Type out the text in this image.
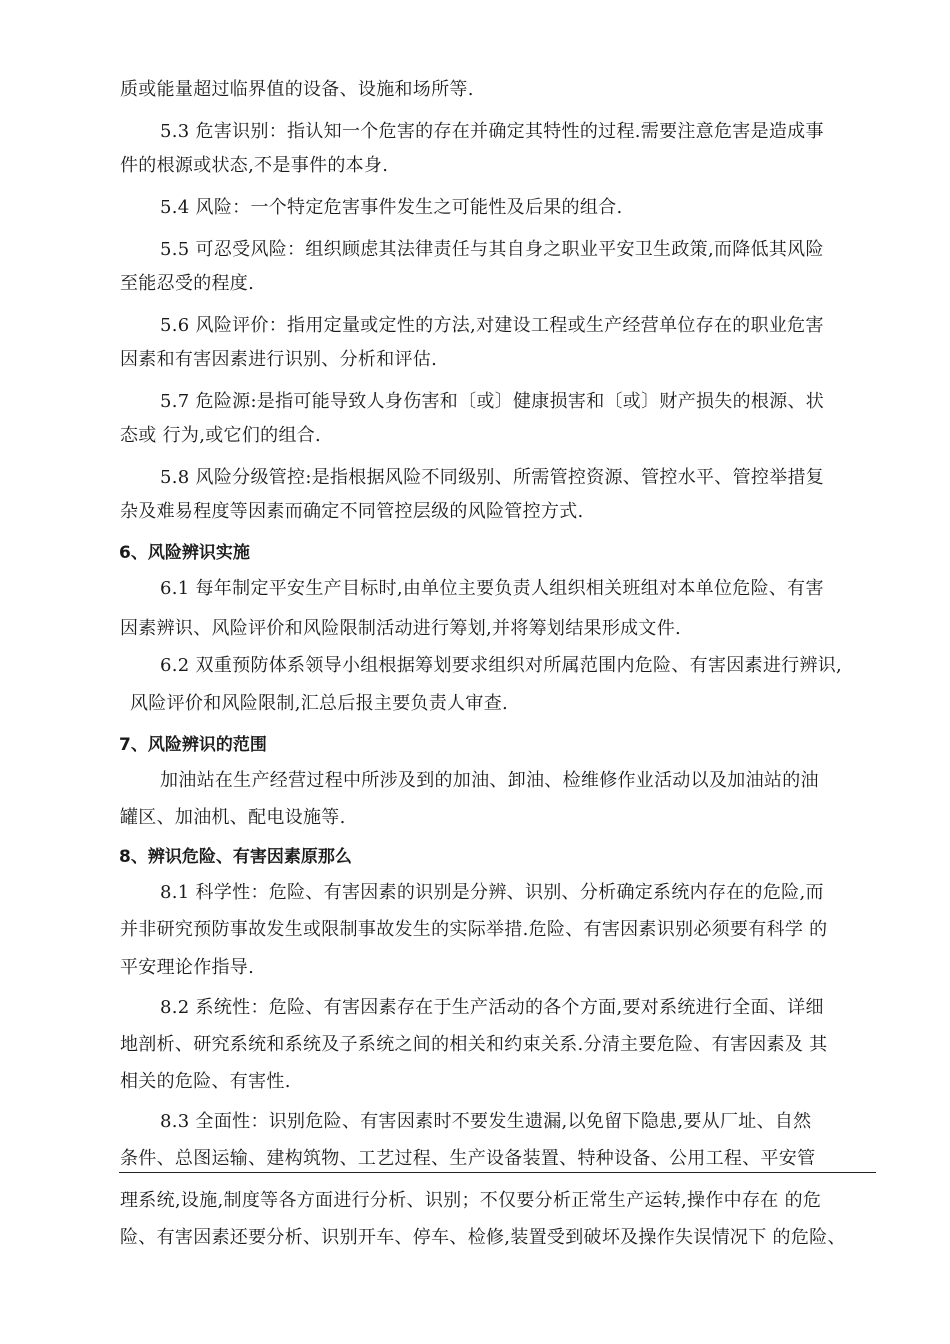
质或能量超过临界值的设备、设施和场所等.
5.3 危害识别：指认知一个危害的存在并确定其特性的过程.需要注意危害是造成事
件的根源或状态,不是事件的本身.
5.4 风险：一个特定危害事件发生之可能性及后果的组合.
5.5 可忍受风险：组织顾虑其法律责任与其自身之职业平安卫生政策,而降低其风险
至能忍受的程度.
5.6 风险评价：指用定量或定性的方法,对建设工程或生产经营单位存在的职业危害
因素和有害因素进行识别、分析和评估.
5.7 危险源:是指可能导致人身伤害和〔或〕健康损害和〔或〕财产损失的根源、状
态或 行为,或它们的组合.
5.8 风险分级管控:是指根据风险不同级别、所需管控资源、管控水平、管控举措复
杂及难易程度等因素而确定不同管控层级的风险管控方式.
6、风险辨识实施
6.1 每年制定平安生产目标时,由单位主要负责人组织相关班组对本单位危险、有害
因素辨识、风险评价和风险限制活动进行筹划,并将筹划结果形成文件.
6.2 双重预防体系领导小组根据筹划要求组织对所属范围内危险、有害因素进行辨识,
风险评价和风险限制,汇总后报主要负责人审查.
7、风险辨识的范围
加油站在生产经营过程中所涉及到的加油、卸油、检维修作业活动以及加油站的油
罐区、加油机、配电设施等.
8、辨识危险、有害因素原那么
8.1 科学性：危险、有害因素的识别是分辨、识别、分析确定系统内存在的危险,而
并非研究预防事故发生或限制事故发生的实际举措.危险、有害因素识别必须要有科学 的
平安理论作指导.
8.2 系统性：危险、有害因素存在于生产活动的各个方面,要对系统进行全面、详细
地剖析、研究系统和系统及子系统之间的相关和约束关系.分清主要危险、有害因素及 其
相关的危险、有害性.
8.3 全面性：识别危险、有害因素时不要发生遗漏,以免留下隐患,要从厂址、自然
条件、总图运输、建构筑物、工艺过程、生产设备装置、特种设备、公用工程、平安管
理系统,设施,制度等各方面进行分析、识别；不仅要分析正常生产运转,操作中存在 的危
险、有害因素还要分析、识别开车、停车、检修,装置受到破坏及操作失误情况下 的危险、
